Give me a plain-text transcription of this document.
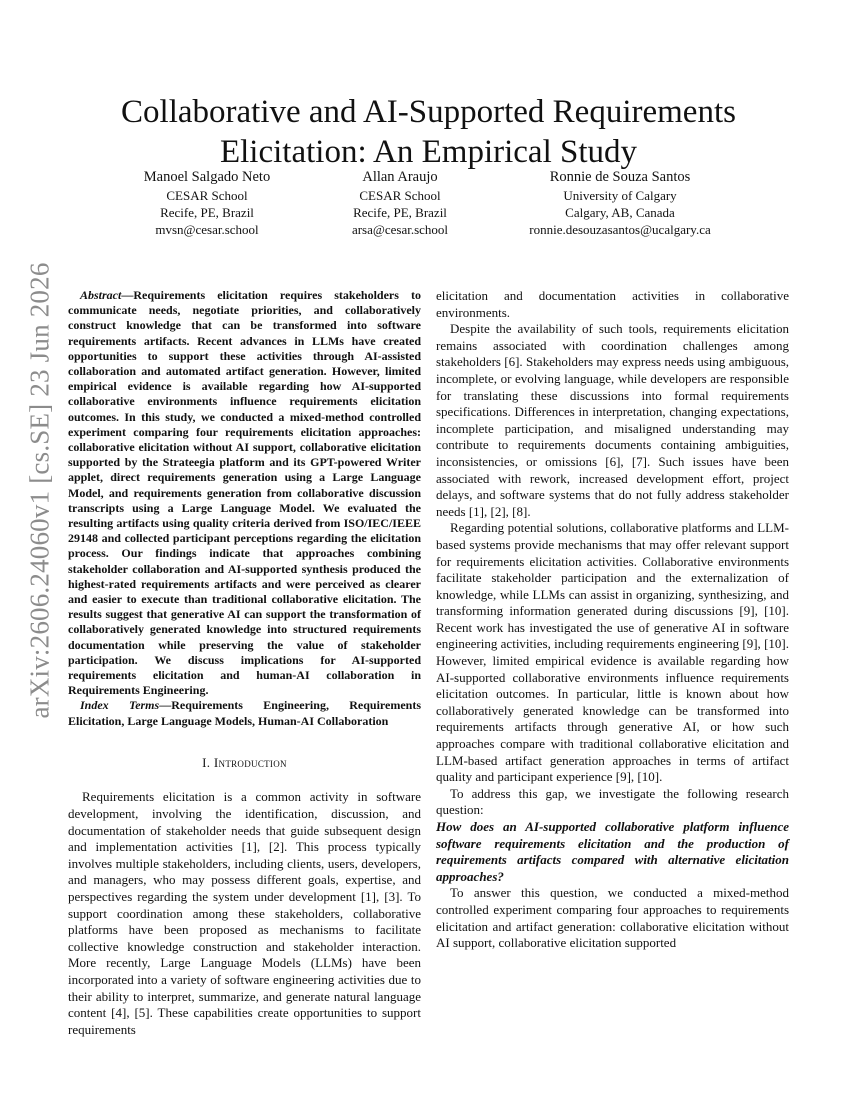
arXiv:2606.24060v1 [cs.SE] 23 Jun 2026
Collaborative and AI-Supported Requirements Elicitation: An Empirical Study
Manoel Salgado Neto
CESAR School
Recife, PE, Brazil
mvsn@cesar.school
Allan Araujo
CESAR School
Recife, PE, Brazil
arsa@cesar.school
Ronnie de Souza Santos
University of Calgary
Calgary, AB, Canada
ronnie.desouzasantos@ucalgary.ca

Abstract—Requirements elicitation requires stakeholders to communicate needs, negotiate priorities, and collaboratively construct knowledge that can be transformed into software requirements artifacts. Recent advances in LLMs have created opportunities to support these activities through AI-assisted collaboration and automated artifact generation. However, limited empirical evidence is available regarding how AI-supported collaborative environments influence requirements elicitation outcomes. In this study, we conducted a mixed-method controlled experiment comparing four requirements elicitation approaches: collaborative elicitation without AI support, collaborative elicitation supported by the Strateegia platform and its GPT-powered Writer applet, direct requirements generation using a Large Language Model, and requirements generation from collaborative discussion transcripts using a Large Language Model. We evaluated the resulting artifacts using quality criteria derived from ISO/IEC/IEEE 29148 and collected participant perceptions regarding the elicitation process. Our findings indicate that approaches combining stakeholder collaboration and AI-supported synthesis produced the highest-rated requirements artifacts and were perceived as clearer and easier to execute than traditional collaborative elicitation. The results suggest that generative AI can support the transformation of collaboratively generated knowledge into structured requirements documentation while preserving the value of stakeholder participation. We discuss implications for AI-supported requirements elicitation and human-AI collaboration in Requirements Engineering.

Index Terms—Requirements Engineering, Requirements Elicitation, Large Language Models, Human-AI Collaboration

I. Introduction

Requirements elicitation is a common activity in software development, involving the identification, discussion, and documentation of stakeholder needs that guide subsequent design and implementation activities [1], [2]. This process typically involves multiple stakeholders, including clients, users, developers, and managers, who may possess different goals, expertise, and perspectives regarding the system under development [1], [3]. To support coordination among these stakeholders, collaborative platforms have been proposed as mechanisms to facilitate collective knowledge construction and stakeholder interaction. More recently, Large Language Models (LLMs) have been incorporated into a variety of software engineering activities due to their ability to interpret, summarize, and generate natural language content [4], [5]. These capabilities create opportunities to support requirements

elicitation and documentation activities in collaborative environments.

Despite the availability of such tools, requirements elicitation remains associated with coordination challenges among stakeholders [6]. Stakeholders may express needs using ambiguous, incomplete, or evolving language, while developers are responsible for translating these discussions into formal requirements specifications. Differences in interpretation, changing expectations, incomplete participation, and misaligned understanding may contribute to requirements documents containing ambiguities, inconsistencies, or omissions [6], [7]. Such issues have been associated with rework, increased development effort, project delays, and software systems that do not fully address stakeholder needs [1], [2], [8].

Regarding potential solutions, collaborative platforms and LLM-based systems provide mechanisms that may offer relevant support for requirements elicitation activities. Collaborative environments facilitate stakeholder participation and the externalization of knowledge, while LLMs can assist in organizing, synthesizing, and transforming information generated during discussions [9], [10]. Recent work has investigated the use of generative AI in software engineering activities, including requirements engineering [9], [10]. However, limited empirical evidence is available regarding how AI-supported collaborative environments influence requirements elicitation outcomes. In particular, little is known about how collaboratively generated knowledge can be transformed into requirements artifacts through generative AI, or how such approaches compare with traditional collaborative elicitation and LLM-based artifact generation approaches in terms of artifact quality and participant experience [9], [10].

To address this gap, we investigate the following research question:

How does an AI-supported collaborative platform influence software requirements elicitation and the production of requirements artifacts compared with alternative elicitation approaches?

To answer this question, we conducted a mixed-method controlled experiment comparing four approaches to requirements elicitation and artifact generation: collaborative elicitation without AI support, collaborative elicitation supported
